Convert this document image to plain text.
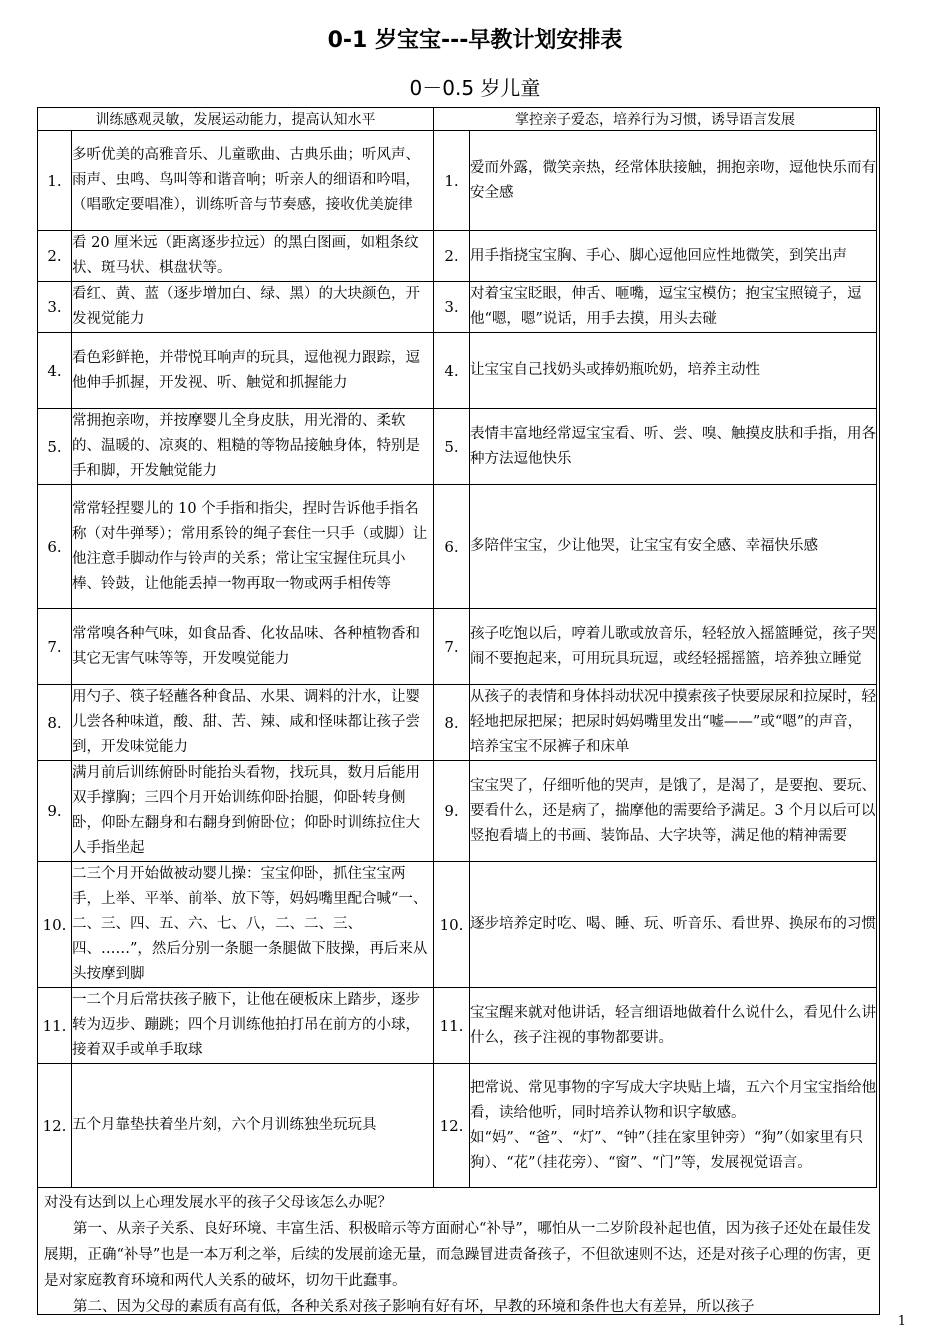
0-1 岁宝宝---早教计划安排表
0－0.5 岁儿童
训练感观灵敏，发展运动能力，提高认知水平		掌控亲子爱态，培养行为习惯，诱导语言发展	
1.	多听优美的高雅音乐、儿童歌曲、古典乐曲；听风声、雨声、虫鸣、鸟叫等和谐音响；听亲人的细语和吟唱，（唱歌定要唱准），训练听音与节奏感，接收优美旋律	1.	爱而外露，微笑亲热，经常体肤接触，拥抱亲吻，逗他快乐而有安全感
2.	看 20 厘米远（距离逐步拉远）的黑白图画，如粗条纹状、斑马状、棋盘状等。	2.	用手指挠宝宝胸、手心、脚心逗他回应性地微笑，到笑出声
3.	看红、黄、蓝（逐步增加白、绿、黑）的大块颜色，开发视觉能力	3.	对着宝宝眨眼，伸舌、咂嘴，逗宝宝模仿；抱宝宝照镜子，逗他“嗯，嗯”说话，用手去摸，用头去碰
4.	看色彩鲜艳，并带悦耳响声的玩具，逗他视力跟踪，逗他伸手抓握，开发视、听、触觉和抓握能力	4.	让宝宝自己找奶头或捧奶瓶吮奶，培养主动性
5.	常拥抱亲吻，并按摩婴儿全身皮肤，用光滑的、柔软的、温暖的、凉爽的、粗糙的等物品接触身体，特别是手和脚，开发触觉能力	5.	表情丰富地经常逗宝宝看、听、尝、嗅、触摸皮肤和手指，用各种方法逗他快乐
6.	常常轻捏婴儿的 10 个手指和指尖，捏时告诉他手指名称（对牛弹琴）；常用系铃的绳子套住一只手（或脚）让他注意手脚动作与铃声的关系；常让宝宝握住玩具小棒、铃鼓，让他能丢掉一物再取一物或两手相传等	6.	多陪伴宝宝，少让他哭，让宝宝有安全感、幸福快乐感
7.	常常嗅各种气味，如食品香、化妆品味、各种植物香和其它无害气味等等，开发嗅觉能力	7.	孩子吃饱以后，哼着儿歌或放音乐，轻轻放入摇篮睡觉，孩子哭闹不要抱起来，可用玩具玩逗，或经轻摇摇篮，培养独立睡觉
8.	用勺子、筷子轻蘸各种食品、水果、调料的汁水，让婴儿尝各种味道，酸、甜、苦、辣、咸和怪味都让孩子尝到，开发味觉能力	8.	从孩子的表情和身体抖动状况中摸索孩子快要尿尿和拉屎时，轻轻地把尿把屎；把尿时妈妈嘴里发出“嘘——”或“嗯”的声音，培养宝宝不尿裤子和床单
9.	满月前后训练俯卧时能抬头看物，找玩具，数月后能用双手撑胸；三四个月开始训练仰卧抬腿，仰卧转身侧卧，仰卧左翻身和右翻身到俯卧位；仰卧时训练拉住大人手指坐起	9.	宝宝哭了，仔细听他的哭声，是饿了，是渴了，是要抱、要玩、要看什么，还是病了，揣摩他的需要给予满足。3 个月以后可以竖抱看墙上的书画、装饰品、大字块等，满足他的精神需要
10.	二三个月开始做被动婴儿操：宝宝仰卧，抓住宝宝两手，上举、平举、前举、放下等，妈妈嘴里配合喊“一、二、三、四、五、六、七、八，二、二、三、四、……”，然后分别一条腿一条腿做下肢操，再后来从头按摩到脚	10.	逐步培养定时吃、喝、睡、玩、听音乐、看世界、换尿布的习惯
11.	一二个月后常扶孩子腋下，让他在硬板床上踏步，逐步转为迈步、蹦跳；四个月训练他拍打吊在前方的小球，接着双手或单手取球	11.	宝宝醒来就对他讲话，轻言细语地做着什么说什么，看见什么讲什么，孩子注视的事物都要讲。
12.	五个月靠垫扶着坐片刻，六个月训练独坐玩玩具	12.	把常说、常见事物的字写成大字块贴上墙，五六个月宝宝指给他看，读给他听，同时培养认物和识字敏感。如“妈”、“爸”、“灯”、“钟”（挂在家里钟旁）“狗”（如家里有只狗）、“花”（挂花旁）、“窗”、“门”等，发展视觉语言。

对没有达到以上心理发展水平的孩子父母该怎么办呢？

第一、从亲子关系、良好环境、丰富生活、积极暗示等方面耐心“补导”，哪怕从一二岁阶段补起也值，因为孩子还处在最佳发展期，正确“补导”也是一本万利之举，后续的发展前途无量，而急躁冒进责备孩子，不但欲速则不达，还是对孩子心理的伤害，更是对家庭教育环境和两代人关系的破坏，切勿干此蠢事。

第二、因为父母的素质有高有低，各种关系对孩子影响有好有坏，早教的环境和条件也大有差异，所以孩子

1
